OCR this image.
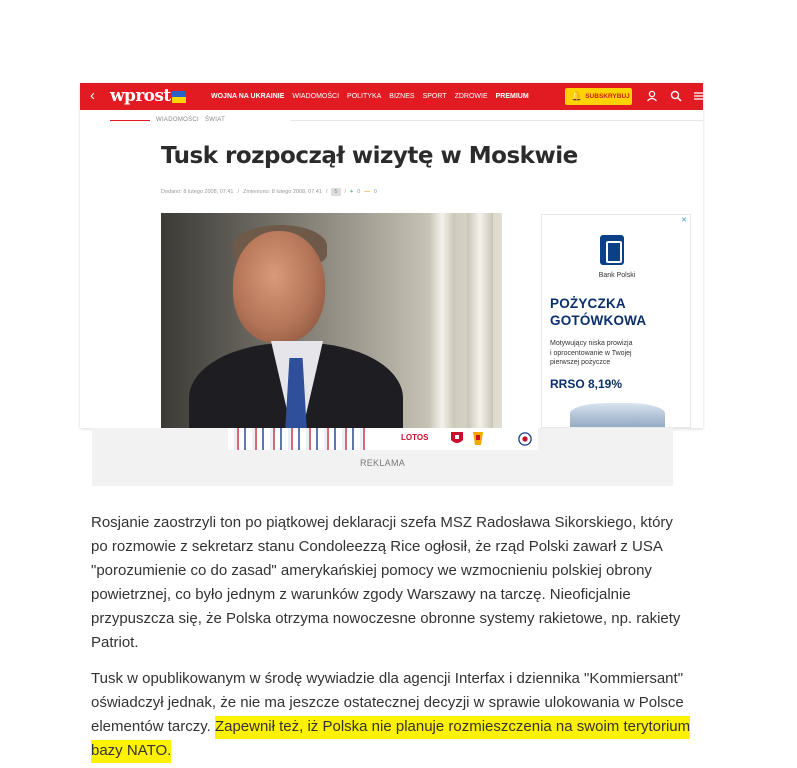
‹ wprost	WOJNA NA UKRAINIE WIADOMOŚCI POLITYKA BIZNES SPORT ZDROWIE PREMIUM	🔔 SUBSKRYBUJ
WIADOMOŚCI ŚWIAT
Tusk rozpoczął wizytę w Moskwie
Dodano: 8 lutego 2008, 07:41 / Zmieniono: 8 lutego 2008, 07:41 /	5	/ + 0 — 0
✕
Bank Polski
POŻYCZKA
GOTÓWKOWA
Motywujący niska prowizja
i oprocentowanie w Twojej
pierwszej pożyczce
RRSO 8,19%
LOTOS
REKLAMA

Rosjanie zaostrzyli ton po piątkowej deklaracji szefa MSZ Radosława Sikorskiego, który po rozmowie z sekretarz stanu Condoleezzą Rice ogłosił, że rząd Polski zawarł z USA "porozumienie co do zasad" amerykańskiej pomocy we wzmocnieniu polskiej obrony powietrznej, co było jednym z warunków zgody Warszawy na tarczę. Nieoficjalnie przypuszcza się, że Polska otrzyma nowoczesne obronne systemy rakietowe, np. rakiety Patriot.

Tusk w opublikowanym w środę wywiadzie dla agencji Interfax i dziennika "Kommiersant" oświadczył jednak, że nie ma jeszcze ostatecznej decyzji w sprawie ulokowania w Polsce elementów tarczy. Zapewnił też, iż Polska nie planuje rozmieszczenia na swoim terytorium bazy NATO.
